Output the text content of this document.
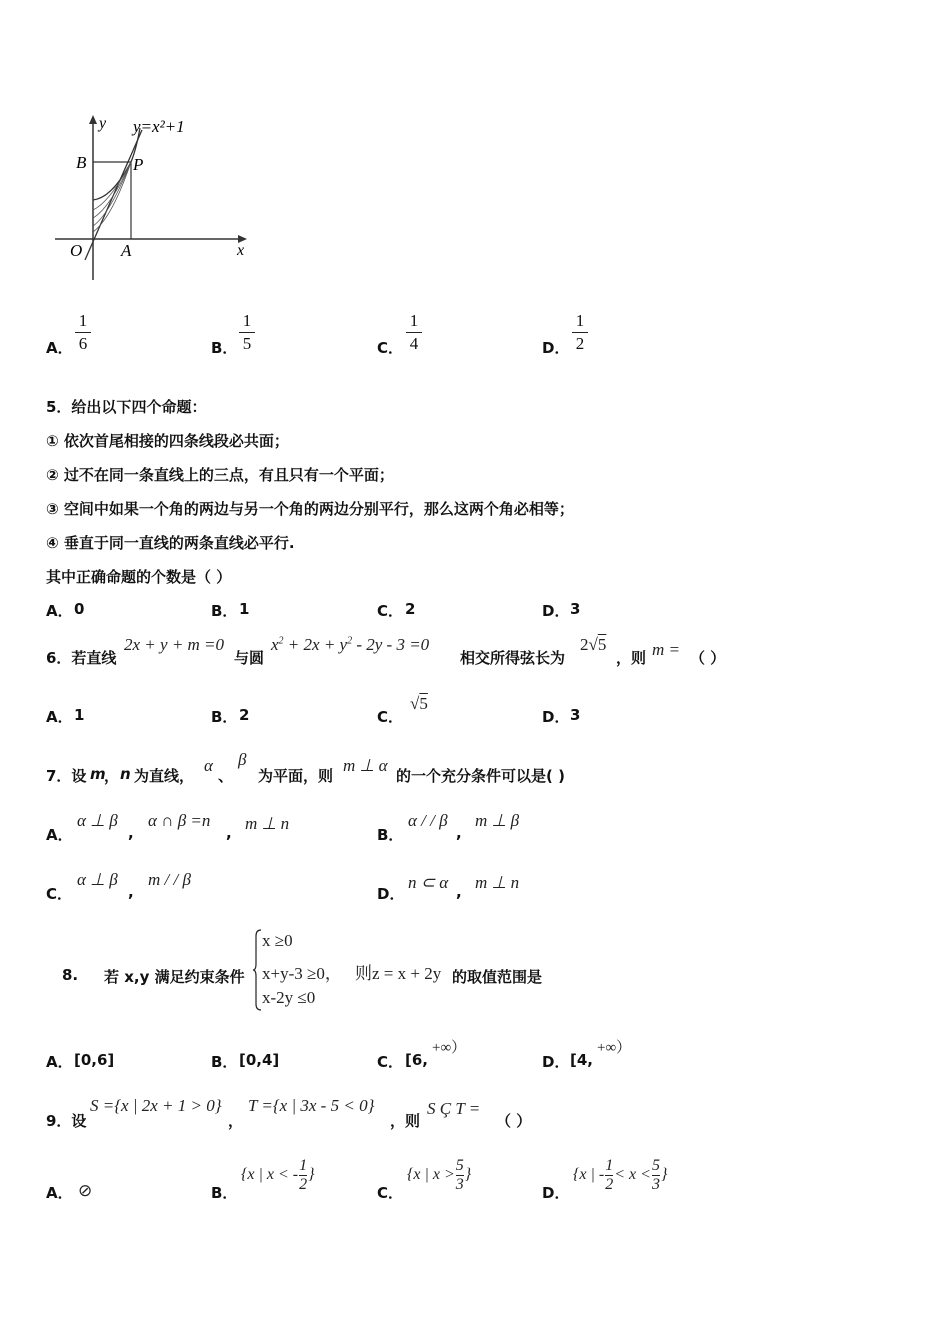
y=x²+1
y
x
O A
B	P
A．
1
6	B．
1
5	C．
1
4	D．
1
2
5．给出以下四个命题：
① 依次首尾相接的四条线段必共面；
② 过不在同一条直线上的三点，有且只有一个平面；
③ 空间中如果一个角的两边与另一个角的两边分别平行，那么这两个角必相等；
④ 垂直于同一直线的两条直线必平行.
其中正确命题的个数是（ ）
A． 0	B． 1	C． 2	D． 3
6．若直线
2x + y + m =0
与圆
$x^2 + 2x + y^2 - 2y - 3 =0$
相交所得弦长为
2√5
，则 m = （ ）
A． 1	B． 2	C．
√5
D． 3
7．设 m
， n 为直线，
α
、
β
为平面，则
m ⊥ α
的一个充分条件可以是( )
A．
α ⊥ β
,
α ∩ β =n
, m ⊥ n
B．
α / / β
,
m ⊥ β
C．
α ⊥ β
,
m / / β
D．
n ⊂ α , m ⊥ n
8. 若 x,y 满足约束条件
x ≥0
x+y-3 ≥0， 则z = x + 2y
x-2y ≤0
的取值范围是
A． [0,6]	B． [0,4]	C． [6,
+∞）
D． [4,
+∞）
9．设
S ={x | 2x + 1 > 0}
，
T ={x | 3x - 5 < 0}
，则
S Ç T =
（ ）
A． ⊘	B．
{x | x < - $\frac{1}{2}$ }
C．
{x | $x > \frac{5}{3}$ }
D．
{x | - $\frac{1}{2} < x < \frac{5}{3}$ }
